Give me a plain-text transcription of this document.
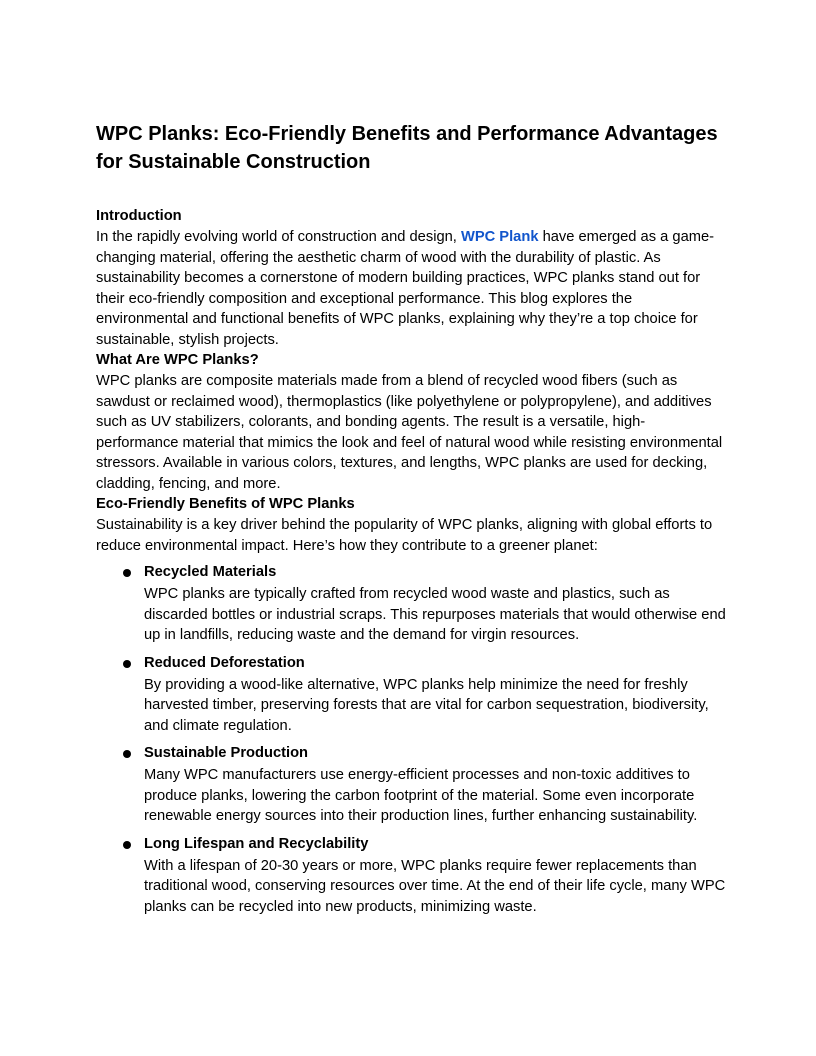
WPC Planks: Eco-Friendly Benefits and Performance Advantages for Sustainable Construction
Introduction

In the rapidly evolving world of construction and design, WPC Plank have emerged as a game-changing material, offering the aesthetic charm of wood with the durability of plastic. As sustainability becomes a cornerstone of modern building practices, WPC planks stand out for their eco-friendly composition and exceptional performance. This blog explores the environmental and functional benefits of WPC planks, explaining why they’re a top choice for sustainable, stylish projects.

What Are WPC Planks?

WPC planks are composite materials made from a blend of recycled wood fibers (such as sawdust or reclaimed wood), thermoplastics (like polyethylene or polypropylene), and additives such as UV stabilizers, colorants, and bonding agents. The result is a versatile, high-performance material that mimics the look and feel of natural wood while resisting environmental stressors. Available in various colors, textures, and lengths, WPC planks are used for decking, cladding, fencing, and more.

Eco-Friendly Benefits of WPC Planks

Sustainability is a key driver behind the popularity of WPC planks, aligning with global efforts to reduce environmental impact. Here’s how they contribute to a greener planet:

Recycled Materials
WPC planks are typically crafted from recycled wood waste and plastics, such as discarded bottles or industrial scraps. This repurposes materials that would otherwise end up in landfills, reducing waste and the demand for virgin resources.
Reduced Deforestation
By providing a wood-like alternative, WPC planks help minimize the need for freshly harvested timber, preserving forests that are vital for carbon sequestration, biodiversity, and climate regulation.
Sustainable Production
Many WPC manufacturers use energy-efficient processes and non-toxic additives to produce planks, lowering the carbon footprint of the material. Some even incorporate renewable energy sources into their production lines, further enhancing sustainability.
Long Lifespan and Recyclability
With a lifespan of 20-30 years or more, WPC planks require fewer replacements than traditional wood, conserving resources over time. At the end of their life cycle, many WPC planks can be recycled into new products, minimizing waste.
